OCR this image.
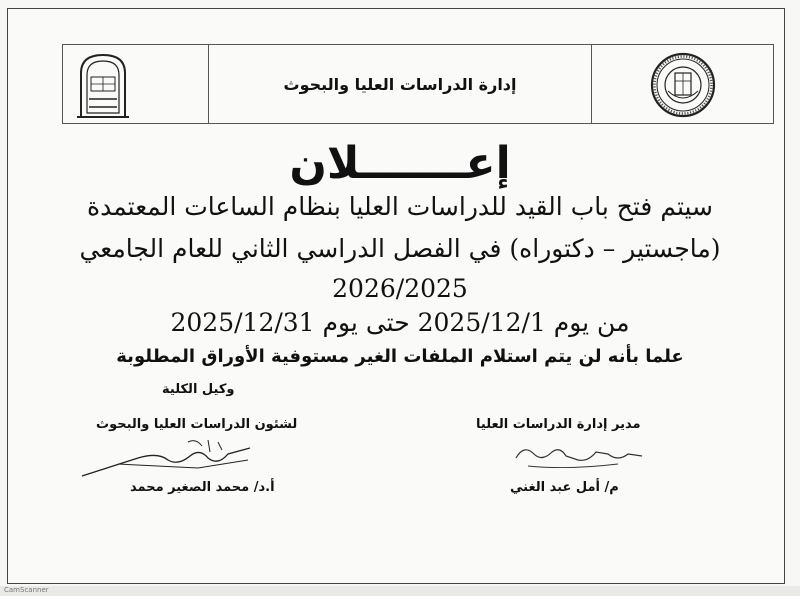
إدارة الدراسات العليا والبحوث
إعـــــــلان
سيتم فتح باب القيد للدراسات العليا بنظام الساعات المعتمدة
(ماجستير – دكتوراه) في الفصل الدراسي الثاني للعام الجامعي
2026/2025
من يوم 2025/12/1 حتى يوم 2025/12/31
علما بأنه لن يتم استلام الملفات الغير مستوفية الأوراق المطلوبة
وكيل الكلية
لشئون الدراسات العليا والبحوث
أ.د/ محمد الصغير محمد
مدير إدارة الدراسات العليا
م/ أمل عبد الغني
CamScanner
